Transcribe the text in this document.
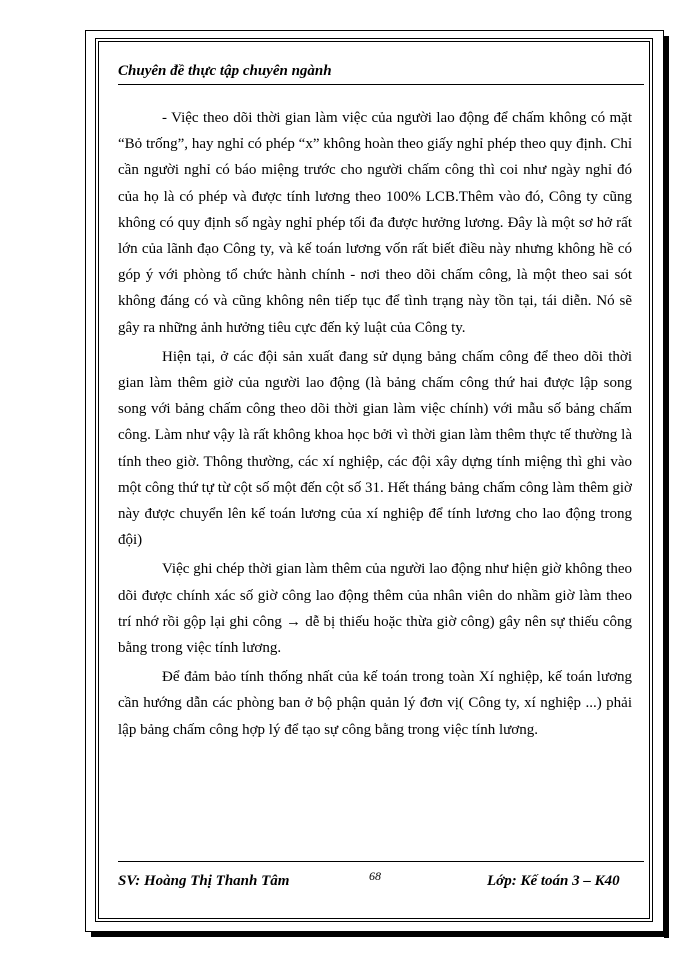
Chuyên đề thực tập chuyên ngành

- Việc theo dõi thời gian làm việc của người lao động để chấm không có mặt “Bỏ trống”, hay nghỉ có phép “x” không hoàn theo giấy nghỉ phép theo quy định. Chỉ cần người nghỉ có báo miệng trước cho người chấm công thì coi như ngày nghỉ đó của họ là có phép và được tính lương theo 100% LCB.Thêm vào đó, Công ty cũng không có quy định số ngày nghỉ phép tối đa được hưởng lương. Đây là một sơ hở rất lớn của lãnh đạo Công ty, và kế toán lương vốn rất biết điều này nhưng không hề có góp ý với phòng tổ chức hành chính - nơi theo dõi chấm công, là một theo sai sót không đáng có và cũng không nên tiếp tục để tình trạng này tồn tại, tái diễn. Nó sẽ gây ra những ảnh hưởng tiêu cực đến kỷ luật của Công ty.

Hiện tại, ở các đội sản xuất đang sử dụng bảng chấm công để theo dõi thời gian làm thêm giờ của người lao động (là bảng chấm công thứ hai được lập song song với bảng chấm công theo dõi thời gian làm việc chính) với mẫu số bảng chấm công. Làm như vậy là rất không khoa học bởi vì thời gian làm thêm thực tế thường là tính theo giờ. Thông thường, các xí nghiệp, các đội xây dựng tính miệng thì ghi vào một công thứ tự từ cột số một đến cột số 31. Hết tháng bảng chấm công làm thêm giờ này được chuyển lên kế toán lương của xí nghiệp để tính lương cho lao động trong đội)

Việc ghi chép thời gian làm thêm của người lao động như hiện giờ không theo dõi được chính xác số giờ công lao động thêm của nhân viên do nhầm giờ làm theo trí nhớ rồi gộp lại ghi công → dễ bị thiếu hoặc thừa giờ công) gây nên sự thiếu công bằng trong việc tính lương.

Để đảm bảo tính thống nhất của kế toán trong toàn Xí nghiệp, kế toán lương cần hướng dẫn các phòng ban ở bộ phận quản lý đơn vị( Công ty, xí nghiệp ...) phải lập bảng chấm công hợp lý để tạo sự công bằng trong việc tính lương.

SV: Hoàng Thị Thanh Tâm	68	Lớp: Kế toán 3 – K40
